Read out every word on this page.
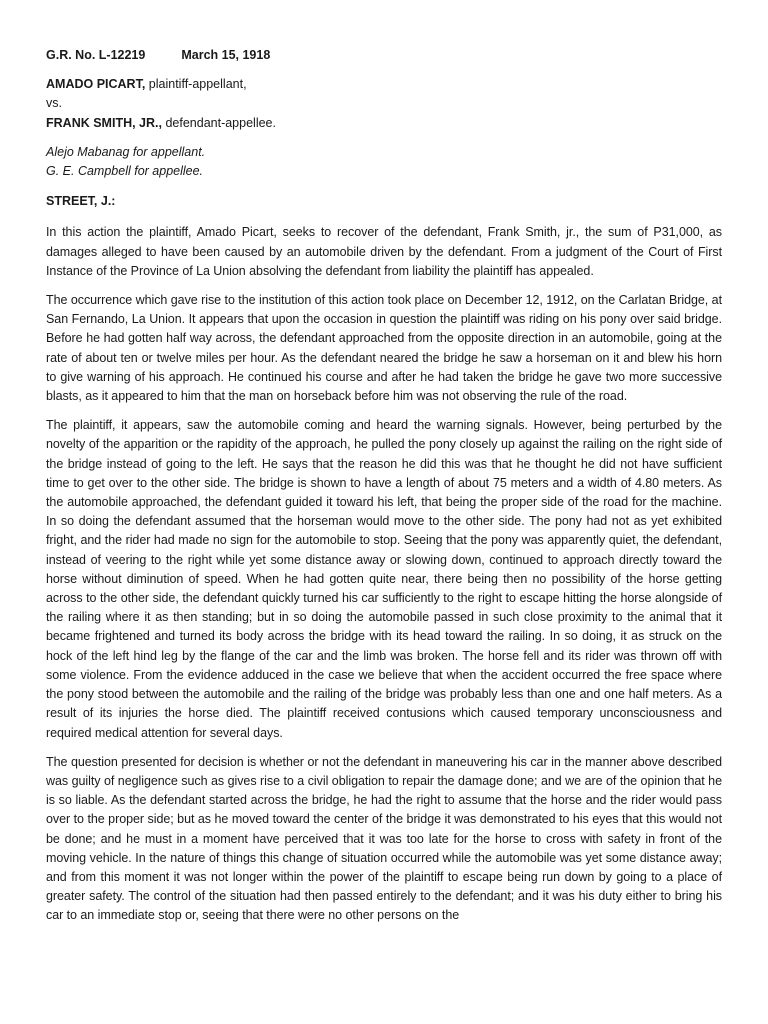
G.R. No. L-12219	March 15, 1918

AMADO PICART, plaintiff-appellant,

vs.

FRANK SMITH, JR., defendant-appellee.

Alejo Mabanag for appellant.

G. E. Campbell for appellee.

STREET, J.:

In this action the plaintiff, Amado Picart, seeks to recover of the defendant, Frank Smith, jr., the sum of P31,000, as damages alleged to have been caused by an automobile driven by the defendant. From a judgment of the Court of First Instance of the Province of La Union absolving the defendant from liability the plaintiff has appealed.

The occurrence which gave rise to the institution of this action took place on December 12, 1912, on the Carlatan Bridge, at San Fernando, La Union. It appears that upon the occasion in question the plaintiff was riding on his pony over said bridge. Before he had gotten half way across, the defendant approached from the opposite direction in an automobile, going at the rate of about ten or twelve miles per hour. As the defendant neared the bridge he saw a horseman on it and blew his horn to give warning of his approach. He continued his course and after he had taken the bridge he gave two more successive blasts, as it appeared to him that the man on horseback before him was not observing the rule of the road.

The plaintiff, it appears, saw the automobile coming and heard the warning signals. However, being perturbed by the novelty of the apparition or the rapidity of the approach, he pulled the pony closely up against the railing on the right side of the bridge instead of going to the left. He says that the reason he did this was that he thought he did not have sufficient time to get over to the other side. The bridge is shown to have a length of about 75 meters and a width of 4.80 meters. As the automobile approached, the defendant guided it toward his left, that being the proper side of the road for the machine. In so doing the defendant assumed that the horseman would move to the other side. The pony had not as yet exhibited fright, and the rider had made no sign for the automobile to stop. Seeing that the pony was apparently quiet, the defendant, instead of veering to the right while yet some distance away or slowing down, continued to approach directly toward the horse without diminution of speed. When he had gotten quite near, there being then no possibility of the horse getting across to the other side, the defendant quickly turned his car sufficiently to the right to escape hitting the horse alongside of the railing where it as then standing; but in so doing the automobile passed in such close proximity to the animal that it became frightened and turned its body across the bridge with its head toward the railing. In so doing, it as struck on the hock of the left hind leg by the flange of the car and the limb was broken. The horse fell and its rider was thrown off with some violence. From the evidence adduced in the case we believe that when the accident occurred the free space where the pony stood between the automobile and the railing of the bridge was probably less than one and one half meters. As a result of its injuries the horse died. The plaintiff received contusions which caused temporary unconsciousness and required medical attention for several days.

The question presented for decision is whether or not the defendant in maneuvering his car in the manner above described was guilty of negligence such as gives rise to a civil obligation to repair the damage done; and we are of the opinion that he is so liable. As the defendant started across the bridge, he had the right to assume that the horse and the rider would pass over to the proper side; but as he moved toward the center of the bridge it was demonstrated to his eyes that this would not be done; and he must in a moment have perceived that it was too late for the horse to cross with safety in front of the moving vehicle. In the nature of things this change of situation occurred while the automobile was yet some distance away; and from this moment it was not longer within the power of the plaintiff to escape being run down by going to a place of greater safety. The control of the situation had then passed entirely to the defendant; and it was his duty either to bring his car to an immediate stop or, seeing that there were no other persons on the
